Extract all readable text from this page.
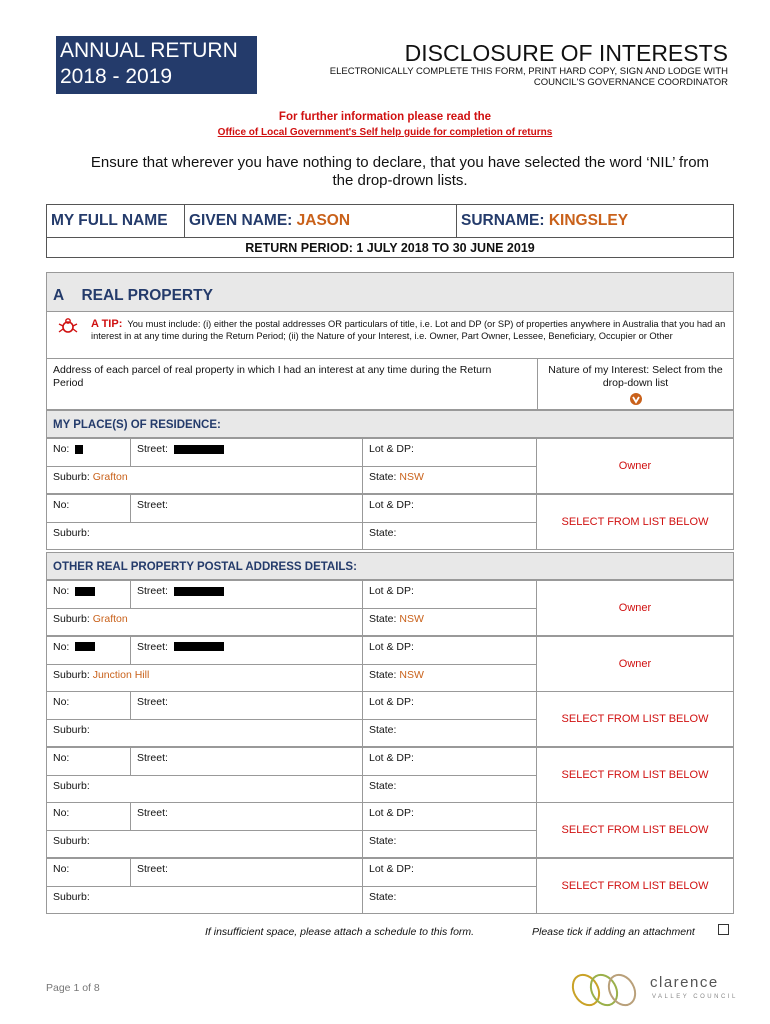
ANNUAL RETURN
2018 - 2019
DISCLOSURE OF INTERESTS
ELECTRONICALLY COMPLETE THIS FORM, PRINT HARD COPY, SIGN AND LODGE WITH
COUNCIL'S GOVERNANCE COORDINATOR
For further information please read the
Office of Local Government's Self help guide for completion of returns
Ensure that wherever you have nothing to declare, that you have selected the word ‘NIL’ from
the drop-drown lists.
MY FULL NAME	GIVEN NAME: JASON	SURNAME: KINGSLEY
RETURN PERIOD: 1 JULY 2018 TO 30 JUNE 2019
A REAL PROPERTY
A TIP: You must include: (i) either the postal addresses OR particulars of title, i.e. Lot and DP (or SP) of properties anywhere in Australia that you had an interest in at any time during the Return Period; (ii) the Nature of your Interest, i.e. Owner, Part Owner, Lessee, Beneficiary, Occupier or Other
Address of each parcel of real property in which I had an interest at any time during the Return Period
Nature of my Interest: Select from the drop-down list
MY PLACE(S) OF RESIDENCE:
No:	Street:	Lot & DP:
Suburb: Grafton	State: NSW
Owner
No:	Street:	Lot & DP:
Suburb:	State:
SELECT FROM LIST BELOW
OTHER REAL PROPERTY POSTAL ADDRESS DETAILS:
No:	Street:	Lot & DP:
Suburb: Grafton	State: NSW
Owner
No:	Street:	Lot & DP:
Suburb: Junction Hill	State: NSW
Owner
No:	Street:	Lot & DP:
Suburb:	State:
SELECT FROM LIST BELOW
No:	Street:	Lot & DP:
Suburb:	State:
SELECT FROM LIST BELOW
No:	Street:	Lot & DP:
Suburb:	State:
SELECT FROM LIST BELOW
No:	Street:	Lot & DP:
Suburb:	State:
SELECT FROM LIST BELOW
If insufficient space, please attach a schedule to this form.	Please tick if adding an attachment
Page 1 of 8	clarence
VALLEY COUNCIL
